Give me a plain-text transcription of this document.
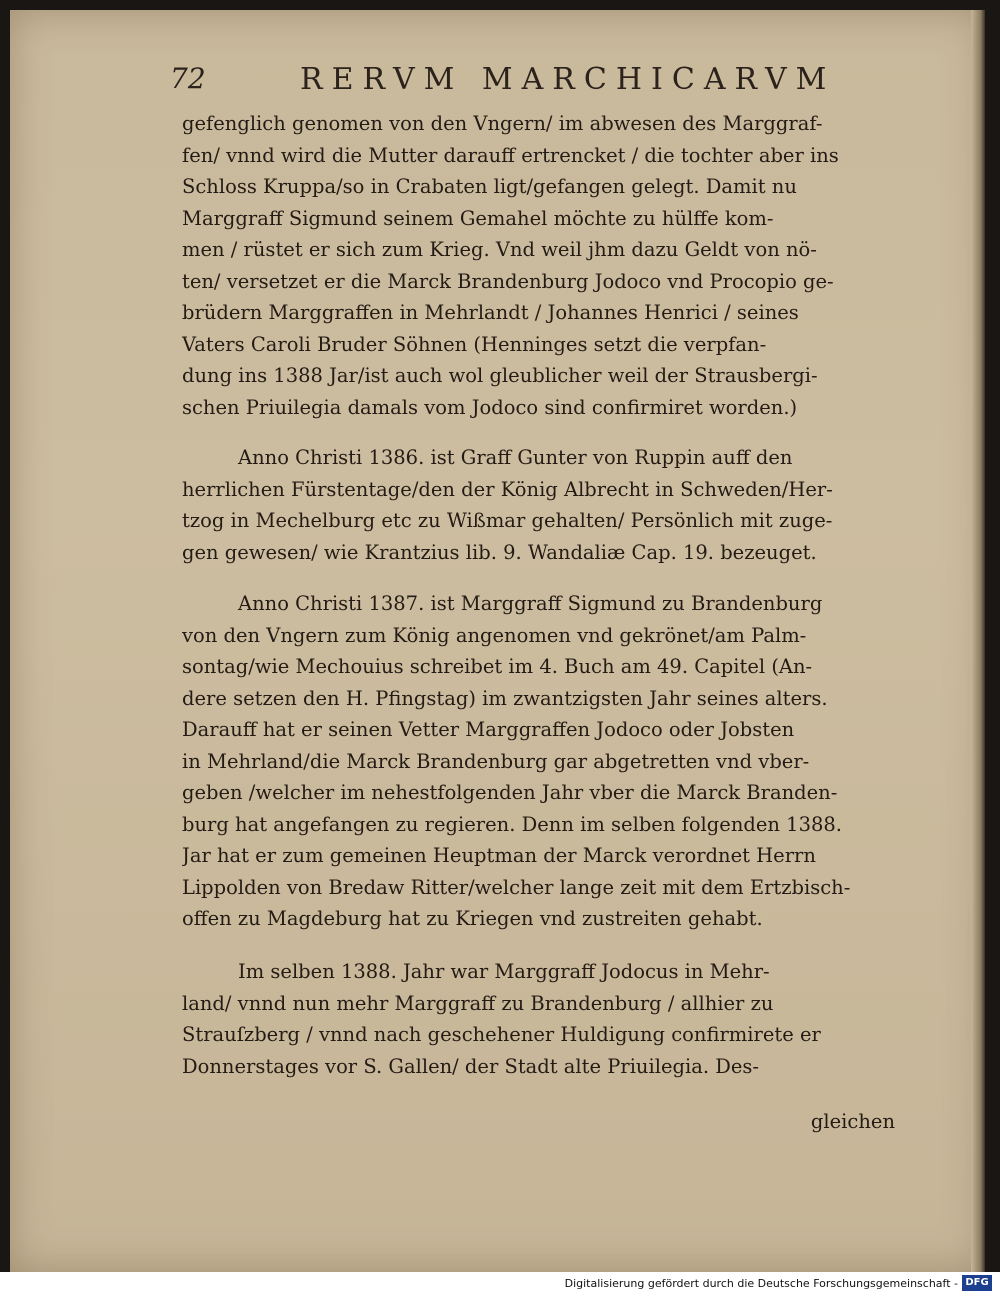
72	RERVM MARCHICARVM
gefenglich genomen von den Vngern/ im abwesen des Marggraf-
fen/ vnnd wird die Mutter darauff ertrencket / die tochter aber ins
Schloss Kruppa/so in Crabaten ligt/gefangen gelegt. Damit nu
Marggraff Sigmund seinem Gemahel möchte zu hülffe kom-
men / rüstet er sich zum Krieg. Vnd weil jhm dazu Geldt von nö-
ten/ versetzet er die Marck Brandenburg Jodoco vnd Procopio ge-
brüdern Marggraffen in Mehrlandt / Johannes Henrici / seines
Vaters Caroli Bruder Söhnen (Henninges setzt die verpfan-
dung ins 1388 Jar/ist auch wol gleublicher weil der Strausbergi-
schen Priuilegia damals vom Jodoco sind confirmiret worden.)
Anno Christi 1386. ist Graff Gunter von Ruppin auff den
herrlichen Fürstentage/den der König Albrecht in Schweden/Her-
tzog in Mechelburg etc zu Wißmar gehalten/ Persönlich mit zuge-
gen gewesen/ wie Krantzius lib. 9. Wandaliæ Cap. 19. bezeuget.
Anno Christi 1387. ist Marggraff Sigmund zu Brandenburg
von den Vngern zum König angenomen vnd gekrönet/am Palm-
sontag/wie Mechouius schreibet im 4. Buch am 49. Capitel (An-
dere setzen den H. Pfingstag) im zwantzigsten Jahr seines alters.
Darauff hat er seinen Vetter Marggraffen Jodoco oder Jobsten
in Mehrland/die Marck Brandenburg gar abgetretten vnd vber-
geben /welcher im nehestfolgenden Jahr vber die Marck Branden-
burg hat angefangen zu regieren. Denn im selben folgenden 1388.
Jar hat er zum gemeinen Heuptman der Marck verordnet Herrn
Lippolden von Bredaw Ritter/welcher lange zeit mit dem Ertzbisch-
offen zu Magdeburg hat zu Kriegen vnd zustreiten gehabt.
Im selben 1388. Jahr war Marggraff Jodocus in Mehr-
land/ vnnd nun mehr Marggraff zu Brandenburg / allhier zu
Strauſzberg / vnnd nach geschehener Huldigung confirmirete er
Donnerstages vor S. Gallen/ der Stadt alte Priuilegia. Des-
gleichen
Digitalisierung gefördert durch die Deutsche Forschungsgemeinschaft - DFG
